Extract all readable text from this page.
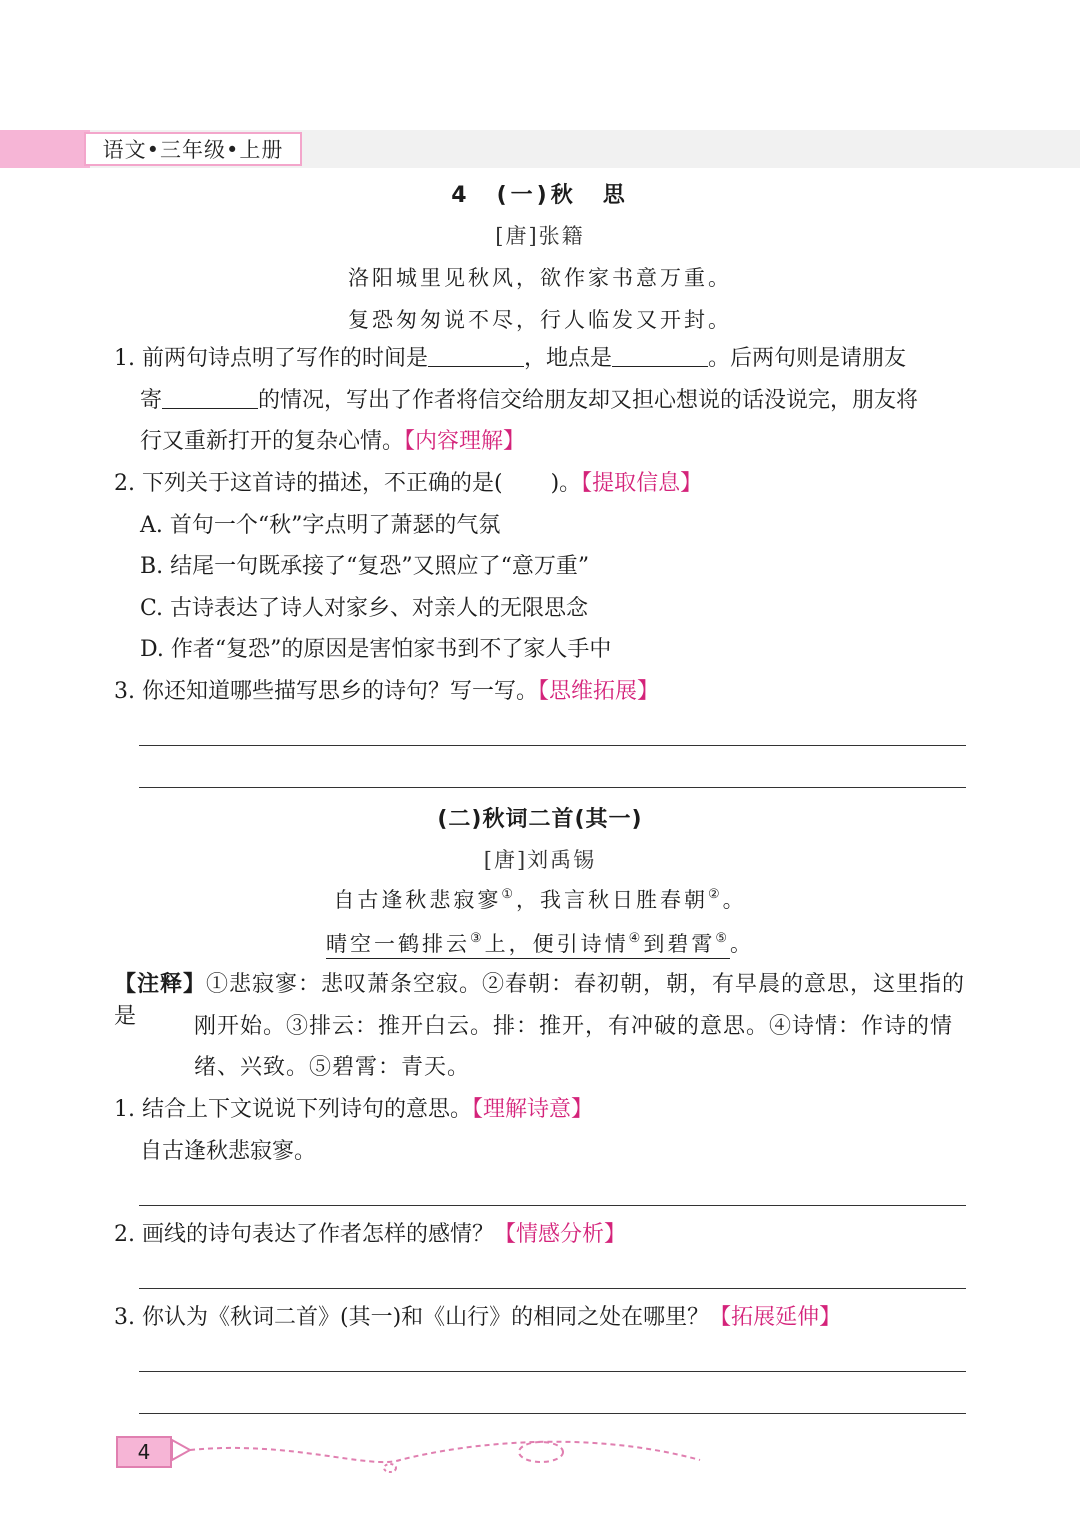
语文•三年级•上册
4　(一)秋　思
[唐]张籍
洛阳城里见秋风，欲作家书意万重。
复恐匆匆说不尽，行人临发又开封。
1. 前两句诗点明了写作的时间是	，地点是	。后两句则是请朋友
寄	的情况，写出了作者将信交给朋友却又担心想说的话没说完，朋友将
行又重新打开的复杂心情。【内容理解】
2. 下列关于这首诗的描述，不正确的是( )。【提取信息】
A. 首句一个“秋”字点明了萧瑟的气氛
B. 结尾一句既承接了“复恐”又照应了“意万重”
C. 古诗表达了诗人对家乡、对亲人的无限思念
D. 作者“复恐”的原因是害怕家书到不了家人手中
3. 你还知道哪些描写思乡的诗句？写一写。【思维拓展】
(二)秋词二首(其一)
[唐]刘禹锡
自古逢秋悲寂寥①，我言秋日胜春朝②。
晴空一鹤排云③上，便引诗情④到碧霄⑤。
【注释】①悲寂寥：悲叹萧条空寂。②春朝：春初朝，朝，有早晨的意思，这里指的是	刚开始。③排云：推开白云。排：推开，有冲破的意思。④诗情：作诗的情
绪、兴致。⑤碧霄：青天。
1. 结合上下文说说下列诗句的意思。【理解诗意】
自古逢秋悲寂寥。
2. 画线的诗句表达了作者怎样的感情？【情感分析】
3. 你认为《秋词二首》(其一)和《山行》的相同之处在哪里？【拓展延伸】
4
